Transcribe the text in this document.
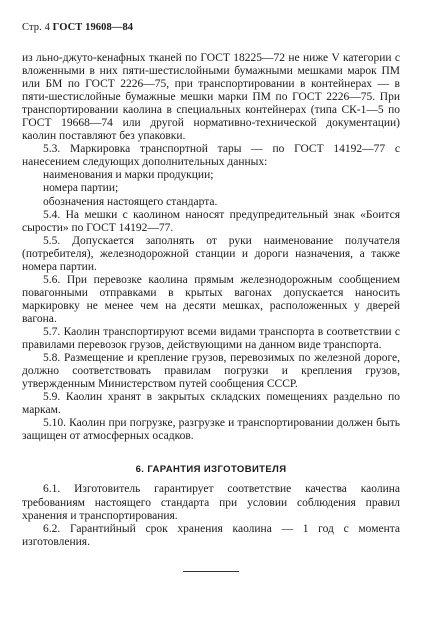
Стр. 4 ГОСТ 19608—84

из льно-джуто-кенафных тканей по ГОСТ 18225—72 не ниже V категории с вложенными в них пяти-шестислойными бумажными мешками марок ПМ или БМ по ГОСТ 2226—75, при транспортировании в контейнерах — в пяти-шестислойные бумажные мешки марки ПМ по ГОСТ 2226—75. При транспортировании каолина в специальных контейнерах (типа СК-1—5 по ГОСТ 19668—74 или другой нормативно-технической документации) каолин поставляют без упаковки.

5.3. Маркировка транспортной тары — по ГОСТ 14192—77 с нанесением следующих дополнительных данных:

наименования и марки продукции;

номера партии;

обозначения настоящего стандарта.

5.4. На мешки с каолином наносят предупредительный знак «Боится сырости» по ГОСТ 14192—77.

5.5. Допускается заполнять от руки наименование получателя (потребителя), железнодорожной станции и дороги назначения, а также номера партии.

5.6. При перевозке каолина прямым железнодорожным сообщением повагонными отправками в крытых вагонах допускается наносить маркировку не менее чем на десяти мешках, расположенных у дверей вагона.

5.7. Каолин транспортируют всеми видами транспорта в соответствии с правилами перевозок грузов, действующими на данном виде транспорта.

5.8. Размещение и крепление грузов, перевозимых по железной дороге, должно соответствовать правилам погрузки и крепления грузов, утвержденным Министерством путей сообщения СССР.

5.9. Каолин хранят в закрытых складских помещениях раздельно по маркам.

5.10. Каолин при погрузке, разгрузке и транспортировании должен быть защищен от атмосферных осадков.

6. ГАРАНТИЯ ИЗГОТОВИТЕЛЯ

6.1. Изготовитель гарантирует соответствие качества каолина требованиям настоящего стандарта при условии соблюдения правил хранения и транспортирования.

6.2. Гарантийный срок хранения каолина — 1 год с момента изготовления.
